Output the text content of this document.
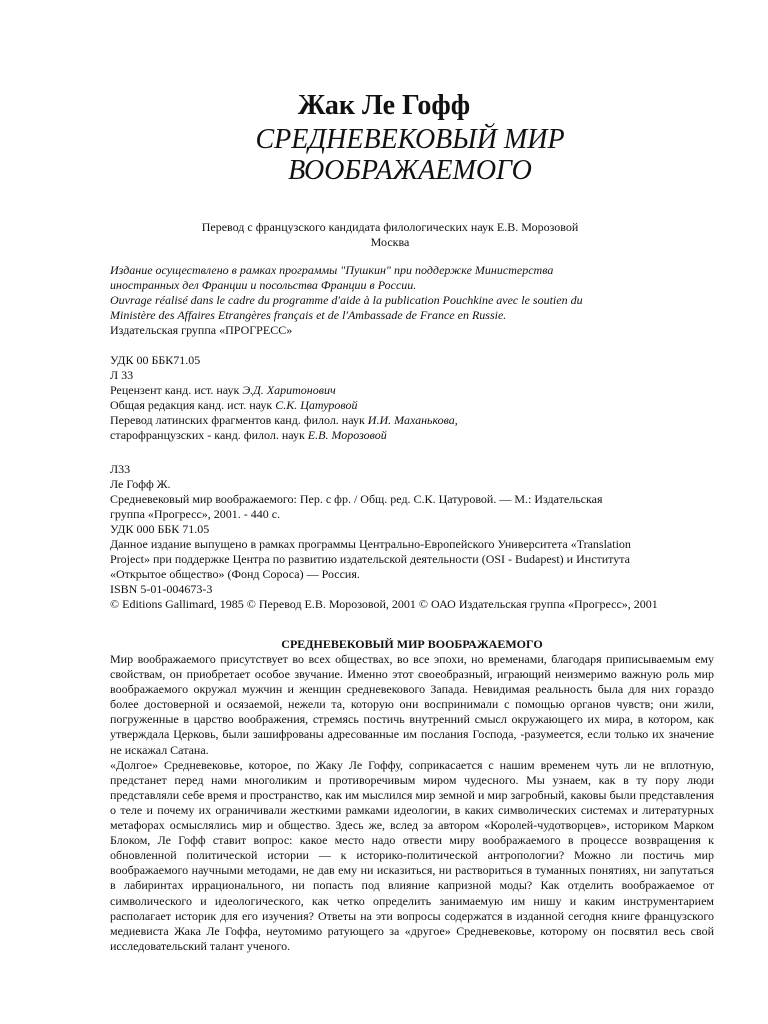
Жак Ле Гофф
СРЕДНЕВЕКОВЫЙ МИР
ВООБРАЖАЕМОГО
Перевод с французского кандидата филологических наук Е.В. Морозовой
Москва
Издание осуществлено в рамках программы "Пушкин" при поддержке Министерства
иностранных дел Франции и посольства Франции в России.
Ouvrage réalisé dans le cadre du programme d'aide à la publication Pouchkine avec le soutien du
Ministère des Affaires Etrangères français et de l'Ambassade de France en Russie.
Издательская группа «ПРОГРЕСС»
УДК 00 ББК71.05
Л 33
Рецензент канд. ист. наук Э.Д. Харитонович
Общая редакция канд. ист. наук С.К. Цатуровой
Перевод латинских фрагментов канд. филол. наук И.И. Маханькова,
старофранцузских - канд. филол. наук Е.В. Морозовой
Л33
Ле Гофф Ж.
Средневековый мир воображаемого: Пер. с фр. / Общ. ред. С.К. Цатуровой. — М.: Издательская
группа «Прогресс», 2001. - 440 с.
УДК 000 ББК 71.05
Данное издание выпущено в рамках программы Центрально-Европейского Университета «Translation
Project» при поддержке Центра по развитию издательской деятельности (OSI - Budapest) и Института
«Открытое общество» (Фонд Сороса) — Россия.
ISBN 5-01-004673-3
© Editions Gallimard, 1985 © Перевод Е.В. Морозовой, 2001 © ОАО Издательская группа «Прогресс», 2001
СРЕДНЕВЕКОВЫЙ МИР ВООБРАЖАЕМОГО
Мир воображаемого присутствует во всех обществах, во все эпохи, но временами, благодаря приписываемым ему свойствам, он приобретает особое звучание. Именно этот своеобразный, играющий неизмеримо важную роль мир воображаемого окружал мужчин и женщин средневекового Запада. Невидимая реальность была для них гораздо более достоверной и осязаемой, нежели та, которую они воспринимали с помощью органов чувств; они жили, погруженные в царство воображения, стремясь постичь внутренний смысл окружающего их мира, в котором, как утверждала Церковь, были зашифрованы адресованные им послания Господа, -разумеется, если только их значение не искажал Сатана.
«Долгое» Средневековье, которое, по Жаку Ле Гоффу, соприкасается с нашим временем чуть ли не вплотную, предстанет перед нами многоликим и противоречивым миром чудесного. Мы узнаем, как в ту пору люди представляли себе время и пространство, как им мыслился мир земной и мир загробный, каковы были представления о теле и почему их ограничивали жесткими рамками идеологии, в каких символических системах и литературных метафорах осмыслялись мир и общество. Здесь же, вслед за автором «Королей-чудотворцев», историком Марком Блоком, Ле Гофф ставит вопрос: какое место надо отвести миру воображаемого в процессе возвращения к обновленной политической истории — к историко-политической антропологии? Можно ли постичь мир воображаемого научными методами, не дав ему ни исказиться, ни раствориться в туманных понятиях, ни запутаться в лабиринтах иррационального, ни попасть под влияние капризной моды? Как отделить воображаемое от символического и идеологического, как четко определить занимаемую им нишу и каким инструментарием располагает историк для его изучения? Ответы на эти вопросы содержатся в изданной сегодня книге французского медиевиста Жака Ле Гоффа, неутомимо ратующего за «другое» Средневековье, которому он посвятил весь свой исследовательский талант ученого.
